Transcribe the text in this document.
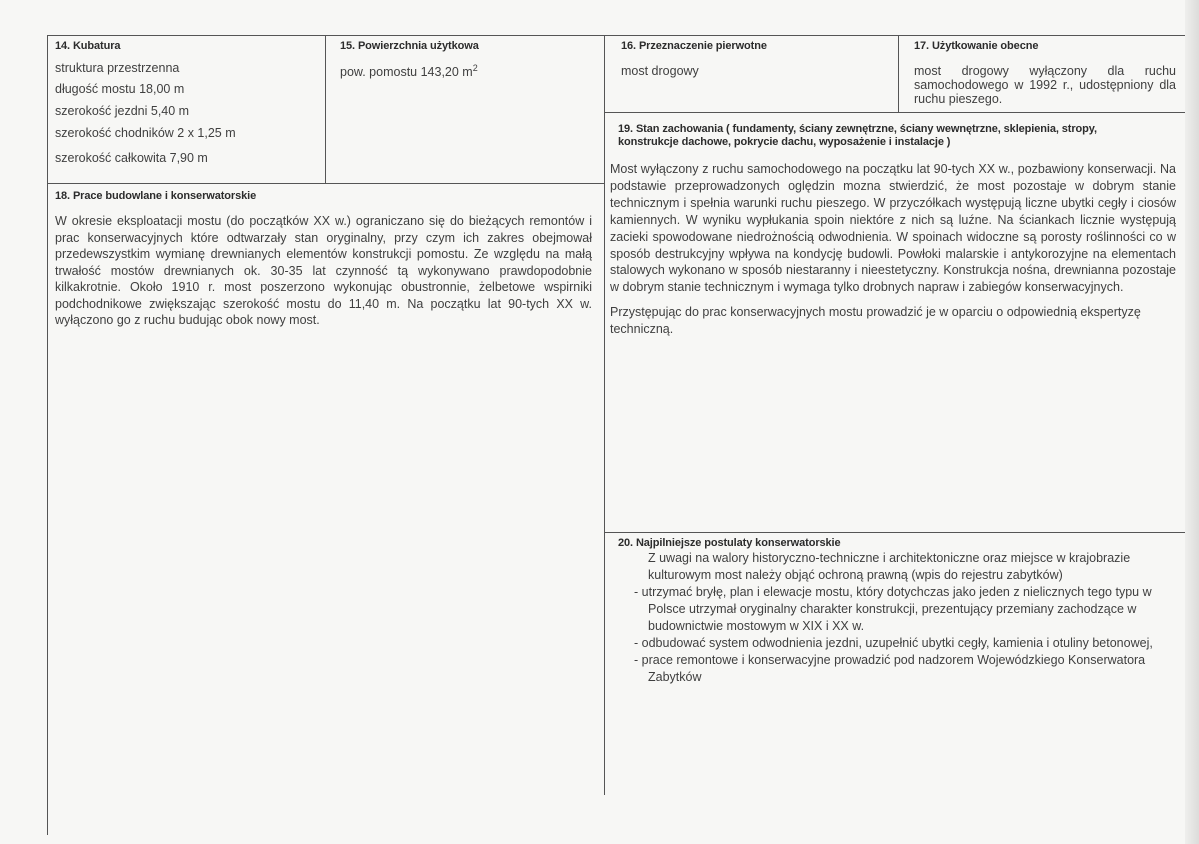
14. Kubatura
struktura przestrzenna
długość mostu 18,00 m
szerokość jezdni 5,40 m
szerokość chodników 2 x 1,25 m
szerokość całkowita 7,90 m
15. Powierzchnia użytkowa
pow. pomostu 143,20 $m^2$
16. Przeznaczenie pierwotne
most drogowy
17. Użytkowanie obecne
most drogowy wyłączony dla ruchu samochodowego w 1992 r., udostępniony dla ruchu pieszego.
18. Prace budowlane i konserwatorskie
W okresie eksploatacji mostu (do początków XX w.) ograniczano się do bieżących remontów i prac konserwacyjnych które odtwarzały stan oryginalny, przy czym ich zakres obejmował przedewszystkim wymianę drewnianych elementów konstrukcji pomostu. Ze względu na małą trwałość mostów drewnianych ok. 30-35 lat czynność tą wykonywano prawdopodobnie kilkakrotnie. Około 1910 r. most poszerzono wykonując obustronnie, żelbetowe wspirniki podchodnikowe zwiększając szerokość mostu do 11,40 m. Na początku lat 90-tych XX w. wyłączono go z ruchu budując obok nowy most.
19. Stan zachowania ( fundamenty, ściany zewnętrzne, ściany wewnętrzne, sklepienia, stropy, konstrukcje dachowe, pokrycie dachu, wyposażenie i instalacje )
Most wyłączony z ruchu samochodowego na początku lat 90-tych XX w., pozbawiony konserwacji. Na podstawie przeprowadzonych oględzin mozna stwierdzić, że most pozostaje w dobrym stanie technicznym i spełnia warunki ruchu pieszego. W przyczółkach występują liczne ubytki cegły i ciosów kamiennych. W wyniku wypłukania spoin niektóre z nich są luźne. Na ściankach licznie występują zacieki spowodowane niedrożnością odwodnienia. W spoinach widoczne są porosty roślinności co w sposób destrukcyjny wpływa na kondycję budowli. Powłoki malarskie i antykorozyjne na elementach stalowych wykonano w sposób niestaranny i nieestetyczny. Konstrukcja nośna, drewnianna pozostaje w dobrym stanie technicznym i wymaga tylko drobnych napraw i zabiegów konserwacyjnych.
Przystępując do prac konserwacyjnych mostu prowadzić je w oparciu o odpowiednią ekspertyzę techniczną.
20. Najpilniejsze postulaty konserwatorskie

Z uwagi na walory historyczno-techniczne i architektoniczne oraz miejsce w krajobrazie kulturowym most należy objąć ochroną prawną (wpis do rejestru zabytków)

- utrzymać bryłę, plan i elewacje mostu, który dotychczas jako jeden z nielicznych tego typu w Polsce utrzymał oryginalny charakter konstrukcji, prezentujący przemiany zachodzące w budownictwie mostowym w XIX i XX w.

- odbudować system odwodnienia jezdni, uzupełnić ubytki cegły, kamienia i otuliny betonowej,

- prace remontowe i konserwacyjne prowadzić pod nadzorem Wojewódzkiego Konserwatora Zabytków
